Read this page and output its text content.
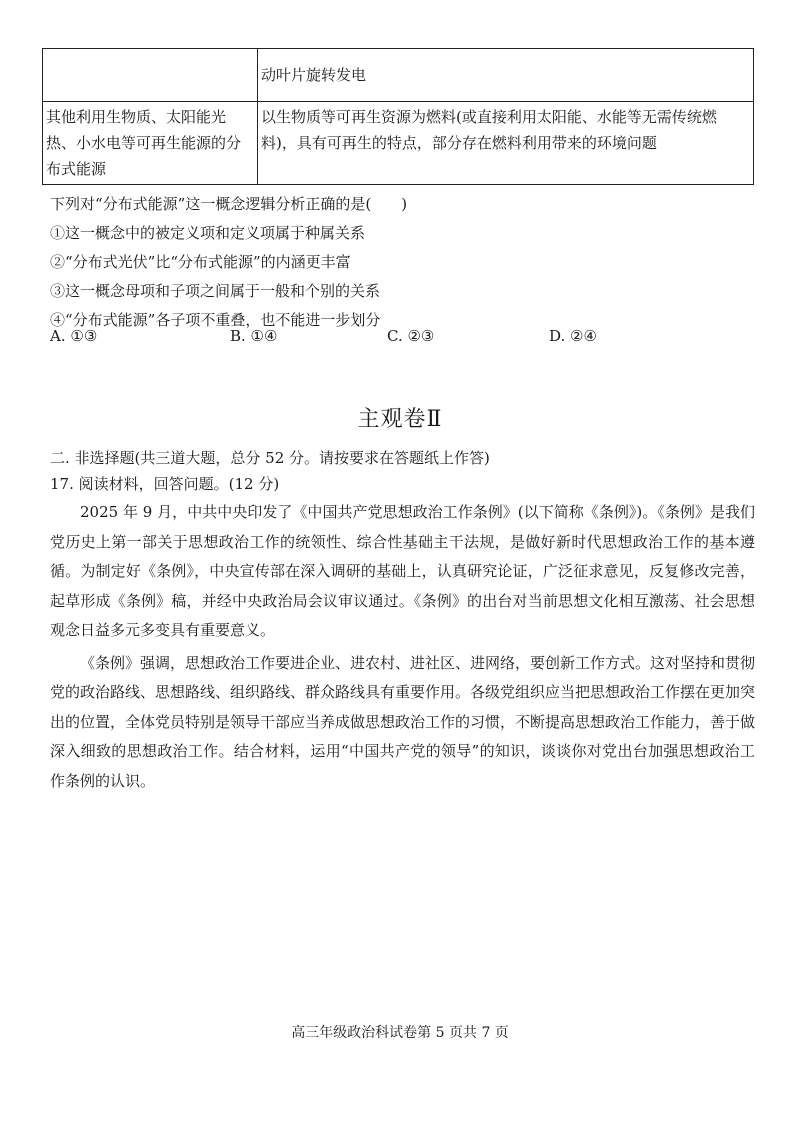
	动叶片旋转发电
其他利用生物质、太阳能光热、小水电等可再生能源的分布式能源	以生物质等可再生资源为燃料(或直接利用太阳能、水能等无需传统燃料)，具有可再生的特点，部分存在燃料利用带来的环境问题
下列对“分布式能源”这一概念逻辑分析正确的是(　　)
①这一概念中的被定义项和定义项属于种属关系
②“分布式光伏”比“分布式能源”的内涵更丰富
③这一概念母项和子项之间属于一般和个别的关系
④“分布式能源”各子项不重叠，也不能进一步划分
A. ①③	B. ①④	C. ②③	D. ②④
主观卷Ⅱ
二. 非选择题(共三道大题，总分 52 分。请按要求在答题纸上作答)
17. 阅读材料，回答问题。(12 分)

2025 年 9 月，中共中央印发了《中国共产党思想政治工作条例》(以下简称《条例》)。《条例》是我们党历史上第一部关于思想政治工作的统领性、综合性基础主干法规，是做好新时代思想政治工作的基本遵循。为制定好《条例》，中央宣传部在深入调研的基础上，认真研究论证，广泛征求意见，反复修改完善，起草形成《条例》稿，并经中央政治局会议审议通过。《条例》的出台对当前思想文化相互激荡、社会思想观念日益多元多变具有重要意义。

《条例》强调，思想政治工作要进企业、进农村、进社区、进网络，要创新工作方式。这对坚持和贯彻党的政治路线、思想路线、组织路线、群众路线具有重要作用。各级党组织应当把思想政治工作摆在更加突出的位置，全体党员特别是领导干部应当养成做思想政治工作的习惯，不断提高思想政治工作能力，善于做深入细致的思想政治工作。结合材料，运用“中国共产党的领导”的知识，谈谈你对党出台加强思想政治工作条例的认识。

高三年级政治科试卷第 5 页共 7 页
